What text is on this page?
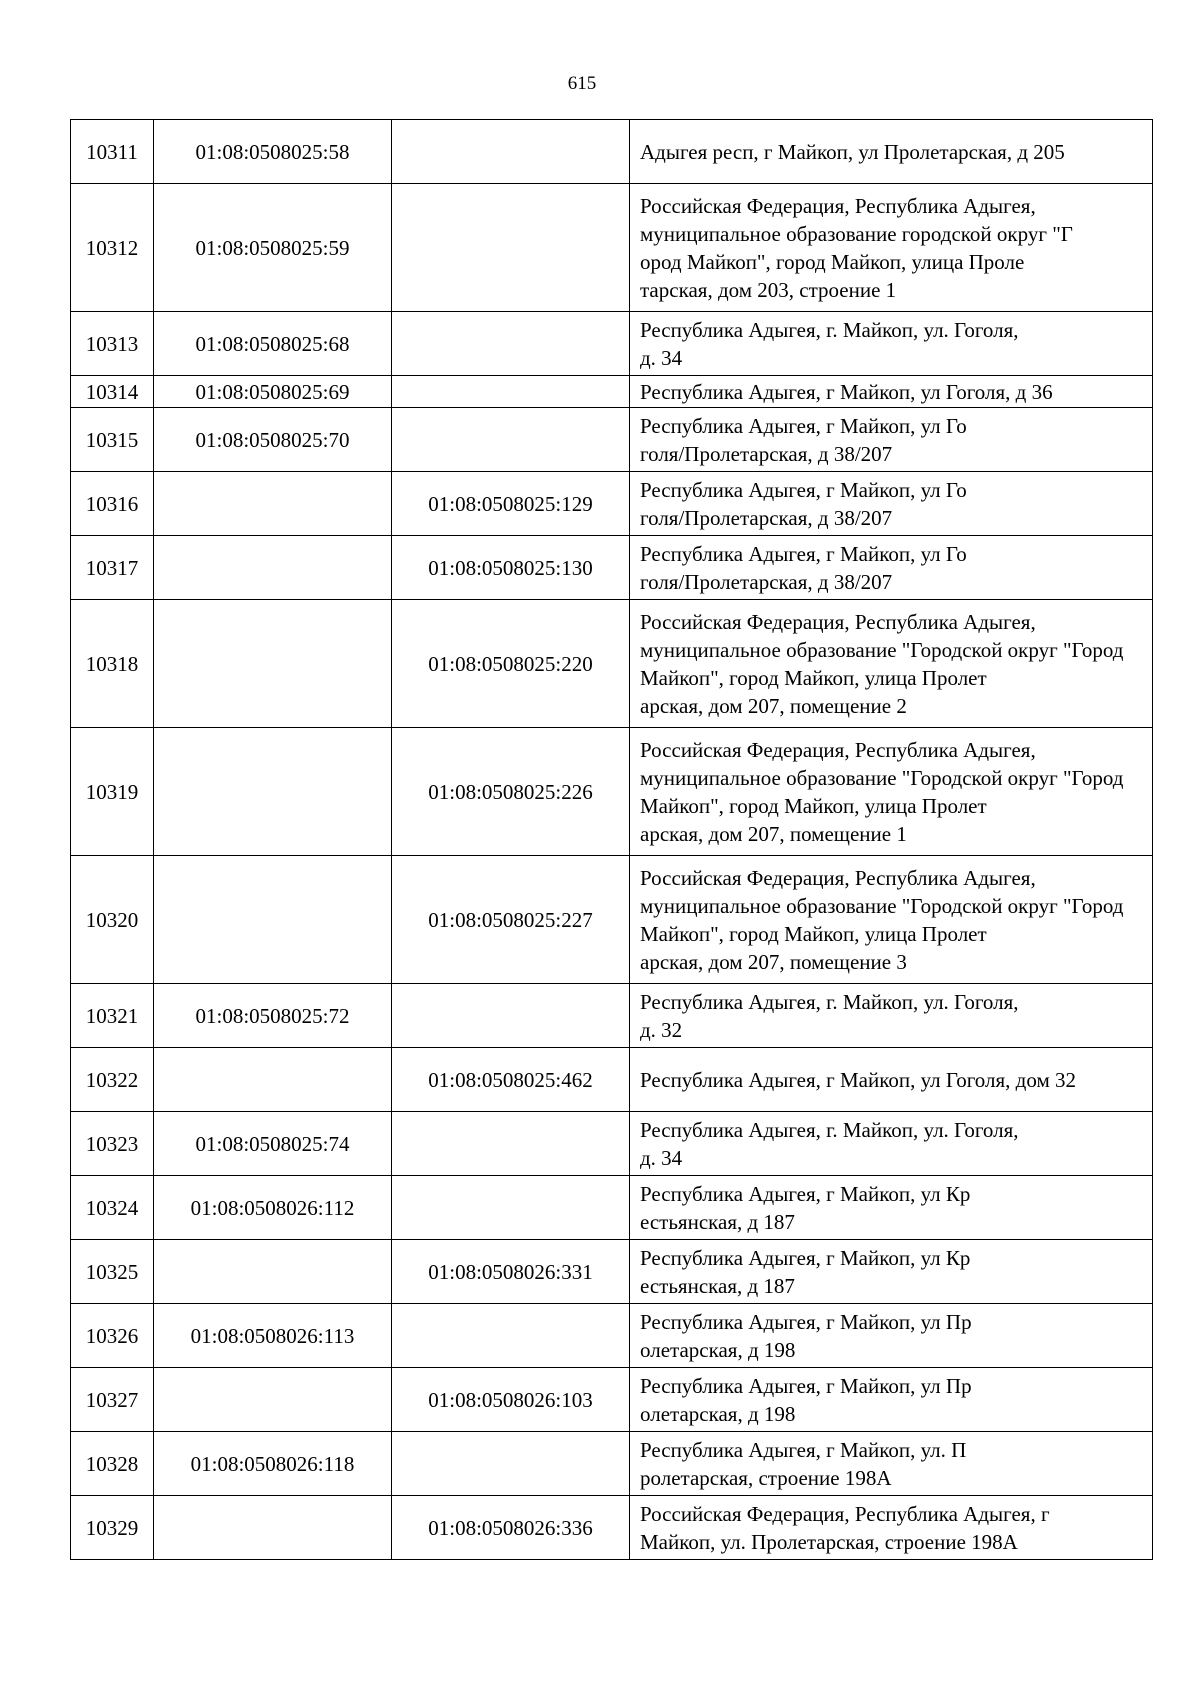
615
10311	01:08:0508025:58		Адыгея респ, г Майкоп, ул Пролетарская, д 205
10312	01:08:0508025:59		Российская Федерация, Республика Адыгея,
муниципальное образование городской округ "Г
ород Майкоп", город Майкоп, улица Проле
тарская, дом 203, строение 1
10313	01:08:0508025:68		Республика Адыгея, г. Майкоп, ул. Гоголя,
д. 34
10314	01:08:0508025:69		Республика Адыгея, г Майкоп, ул Гоголя, д 36
10315	01:08:0508025:70		Республика Адыгея, г Майкоп, ул Го
голя/Пролетарская, д 38/207
10316		01:08:0508025:129	Республика Адыгея, г Майкоп, ул Го
голя/Пролетарская, д 38/207
10317		01:08:0508025:130	Республика Адыгея, г Майкоп, ул Го
голя/Пролетарская, д 38/207
10318		01:08:0508025:220	Российская Федерация, Республика Адыгея,
муниципальное образование "Городской округ "Город
Майкоп", город Майкоп, улица Пролет
арская, дом 207, помещение 2
10319		01:08:0508025:226	Российская Федерация, Республика Адыгея,
муниципальное образование "Городской округ "Город
Майкоп", город Майкоп, улица Пролет
арская, дом 207, помещение 1
10320		01:08:0508025:227	Российская Федерация, Республика Адыгея,
муниципальное образование "Городской округ "Город
Майкоп", город Майкоп, улица Пролет
арская, дом 207, помещение 3
10321	01:08:0508025:72		Республика Адыгея, г. Майкоп, ул. Гоголя,
д. 32
10322		01:08:0508025:462	Республика Адыгея, г Майкоп, ул Гоголя, дом 32

10323	01:08:0508025:74		Республика Адыгея, г. Майкоп, ул. Гоголя,
д. 34
10324	01:08:0508026:112		Республика Адыгея, г Майкоп, ул Кр
естьянская, д 187
10325		01:08:0508026:331	Республика Адыгея, г Майкоп, ул Кр
естьянская, д 187
10326	01:08:0508026:113		Республика Адыгея, г Майкоп, ул Пр
олетарская, д 198
10327		01:08:0508026:103	Республика Адыгея, г Майкоп, ул Пр
олетарская, д 198
10328	01:08:0508026:118		Республика Адыгея, г Майкоп, ул. П
ролетарская, строение 198А
10329		01:08:0508026:336	Российская Федерация, Республика Адыгея, г
Майкоп, ул. Пролетарская, строение 198А
